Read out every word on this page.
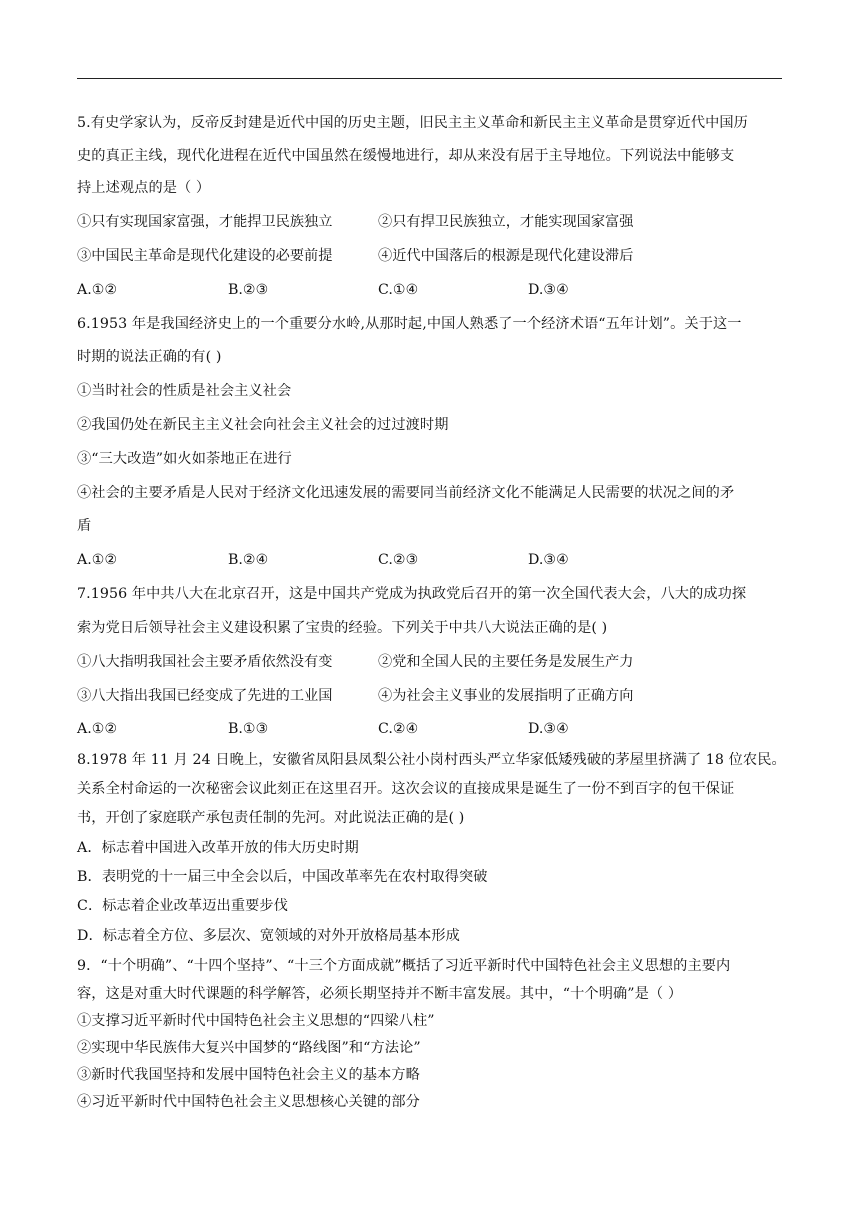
5.有史学家认为，反帝反封建是近代中国的历史主题，旧民主主义革命和新民主主义革命是贯穿近代中国历
史的真正主线，现代化进程在近代中国虽然在缓慢地进行，却从来没有居于主导地位。下列说法中能够支
持上述观点的是（ ）
①只有实现国家富强，才能捍卫民族独立	②只有捍卫民族独立，才能实现国家富强
③中国民主革命是现代化建设的必要前提	④近代中国落后的根源是现代化建设滞后
A.①②	B.②③	C.①④	D.③④
6.1953 年是我国经济史上的一个重要分水岭,从那时起,中国人熟悉了一个经济术语“五年计划”。关于这一
时期的说法正确的有( )
①当时社会的性质是社会主义社会
②我国仍处在新民主主义社会向社会主义社会的过过渡时期
③“三大改造”如火如荼地正在进行
④社会的主要矛盾是人民对于经济文化迅速发展的需要同当前经济文化不能满足人民需要的状况之间的矛
盾
A.①②	B.②④	C.②③	D.③④
7.1956 年中共八大在北京召开，这是中国共产党成为执政党后召开的第一次全国代表大会，八大的成功探
索为党日后领导社会主义建设积累了宝贵的经验。下列关于中共八大说法正确的是( )
①八大指明我国社会主要矛盾依然没有变	②党和全国人民的主要任务是发展生产力
③八大指出我国已经变成了先进的工业国	④为社会主义事业的发展指明了正确方向
A.①②	B.①③	C.②④	D.③④
8.1978 年 11 月 24 日晚上，安徽省凤阳县凤梨公社小岗村西头严立华家低矮残破的茅屋里挤满了 18 位农民。
关系全村命运的一次秘密会议此刻正在这里召开。这次会议的直接成果是诞生了一份不到百字的包干保证
书，开创了家庭联产承包责任制的先河。对此说法正确的是( )
A．标志着中国进入改革开放的伟大历史时期
B．表明党的十一届三中全会以后，中国改革率先在农村取得突破
C．标志着企业改革迈出重要步伐
D．标志着全方位、多层次、宽领域的对外开放格局基本形成
9．“十个明确”、“十四个坚持”、“十三个方面成就”概括了习近平新时代中国特色社会主义思想的主要内
容，这是对重大时代课题的科学解答，必须长期坚持并不断丰富发展。其中，“十个明确”是（ ）
①支撑习近平新时代中国特色社会主义思想的“四梁八柱”
②实现中华民族伟大复兴中国梦的“路线图”和“方法论”
③新时代我国坚持和发展中国特色社会主义的基本方略
④习近平新时代中国特色社会主义思想核心关键的部分
